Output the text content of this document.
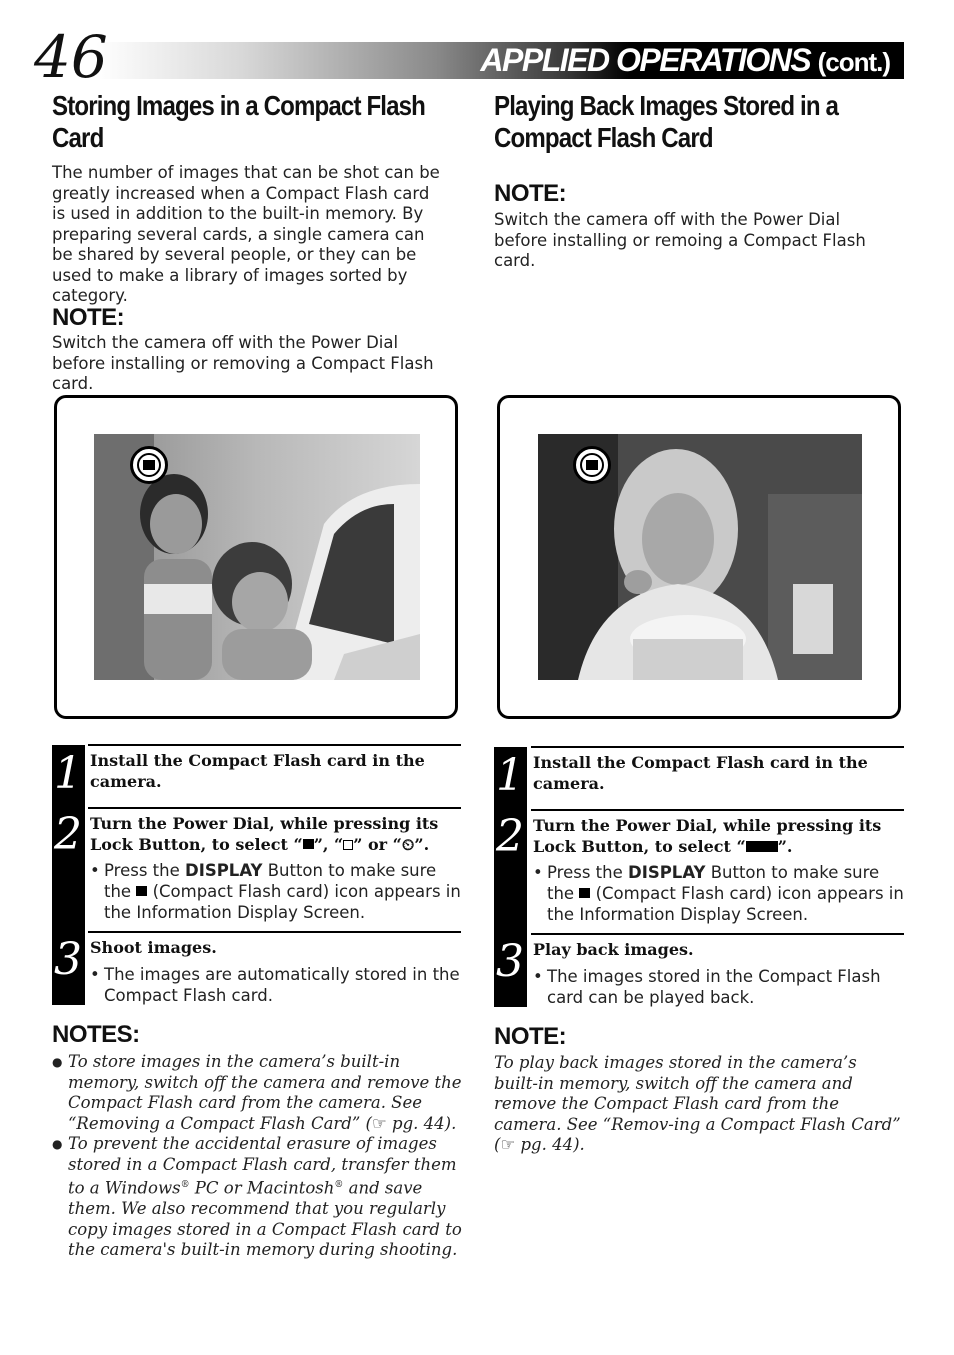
46	APPLIED OPERATIONS (cont.)
Storing Images in a Compact Flash Card
The number of images that can be shot can be greatly increased when a Compact Flash card is used in addition to the built-in memory. By preparing several cards, a single camera can be shared by several people, or they can be used to make a library of images sorted by category.
NOTE:
Switch the camera off with the Power Dial before installing or removing a Compact Flash card.
Playing Back Images Stored in a Compact Flash Card
NOTE:
Switch the camera off with the Power Dial before installing or remoing a Compact Flash card.
1
2
3
Install the Compact Flash card in the camera.
Turn the Power Dial, while pressing its Lock Button, to select “ ”, “ ” or “⏲”.
• Press the DISPLAY Button to make sure the  (Compact Flash card) icon appears in the Information Display Screen.
Shoot images.
• The images are automatically stored in the Compact Flash card.
NOTES:
● To store images in the camera’s built-in memory, switch off the camera and remove the Compact Flash card from the camera. See “Removing a Compact Flash Card” (☞ pg. 44).
● To prevent the accidental erasure of images stored in a Compact Flash card, transfer them to a Windows® PC or Macintosh® and save them. We also recommend that you regularly copy images stored in a Compact Flash card to the camera's built-in memory during shooting.
1
2
3
Install the Compact Flash card in the camera.
Turn the Power Dial, while pressing its Lock Button, to select “ ”.
• Press the DISPLAY Button to make sure the  (Compact Flash card) icon appears in the Information Display Screen.
Play back images.
• The images stored in the Compact Flash card can be played back.
NOTE:
To play back images stored in the camera’s built-in memory, switch off the camera and remove the Compact Flash card from the camera. See “Remov-ing a Compact Flash Card” (☞ pg. 44).
